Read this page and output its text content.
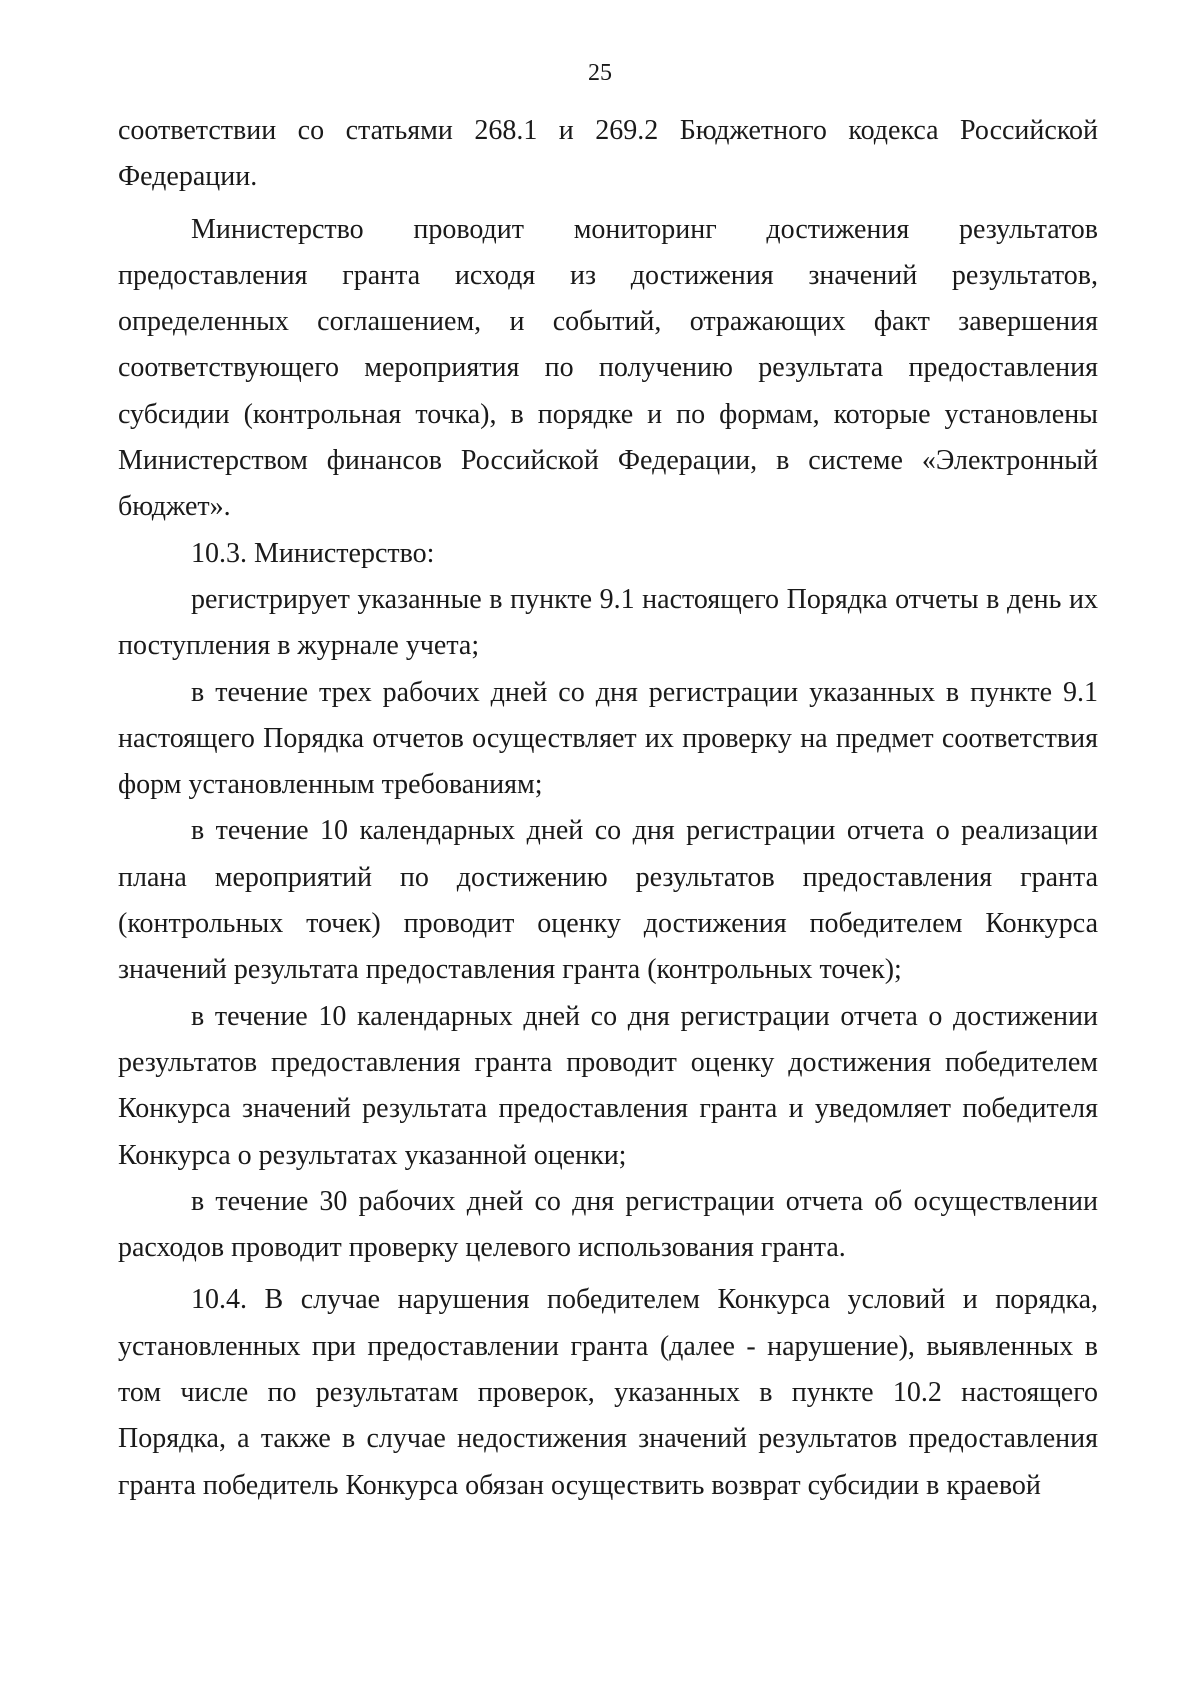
25

соответствии со статьями 268.1 и 269.2 Бюджетного кодекса Российской Федерации.

Министерство проводит мониторинг достижения результатов предоставления гранта исходя из достижения значений результатов, определенных соглашением, и событий, отражающих факт завершения соответствующего мероприятия по получению результата предоставления субсидии (контрольная точка), в порядке и по формам, которые установлены Министерством финансов Российской Федерации, в системе «Электронный бюджет».

10.3. Министерство:

регистрирует указанные в пункте 9.1 настоящего Порядка отчеты в день их поступления в журнале учета;

в течение трех рабочих дней со дня регистрации указанных в пункте 9.1 настоящего Порядка отчетов осуществляет их проверку на предмет соответствия форм установленным требованиям;

в течение 10 календарных дней со дня регистрации отчета о реализации плана мероприятий по достижению результатов предоставления гранта (контрольных точек) проводит оценку достижения победителем Конкурса значений результата предоставления гранта (контрольных точек);

в течение 10 календарных дней со дня регистрации отчета о достижении результатов предоставления гранта проводит оценку достижения победителем Конкурса значений результата предоставления гранта и уведомляет победителя Конкурса о результатах указанной оценки;

в течение 30 рабочих дней со дня регистрации отчета об осуществлении расходов проводит проверку целевого использования гранта.

10.4. В случае нарушения победителем Конкурса условий и порядка, установленных при предоставлении гранта (далее - нарушение), выявленных в том числе по результатам проверок, указанных в пункте 10.2 настоящего Порядка, а также в случае недостижения значений результатов предоставления гранта победитель Конкурса обязан осуществить возврат субсидии в краевой
